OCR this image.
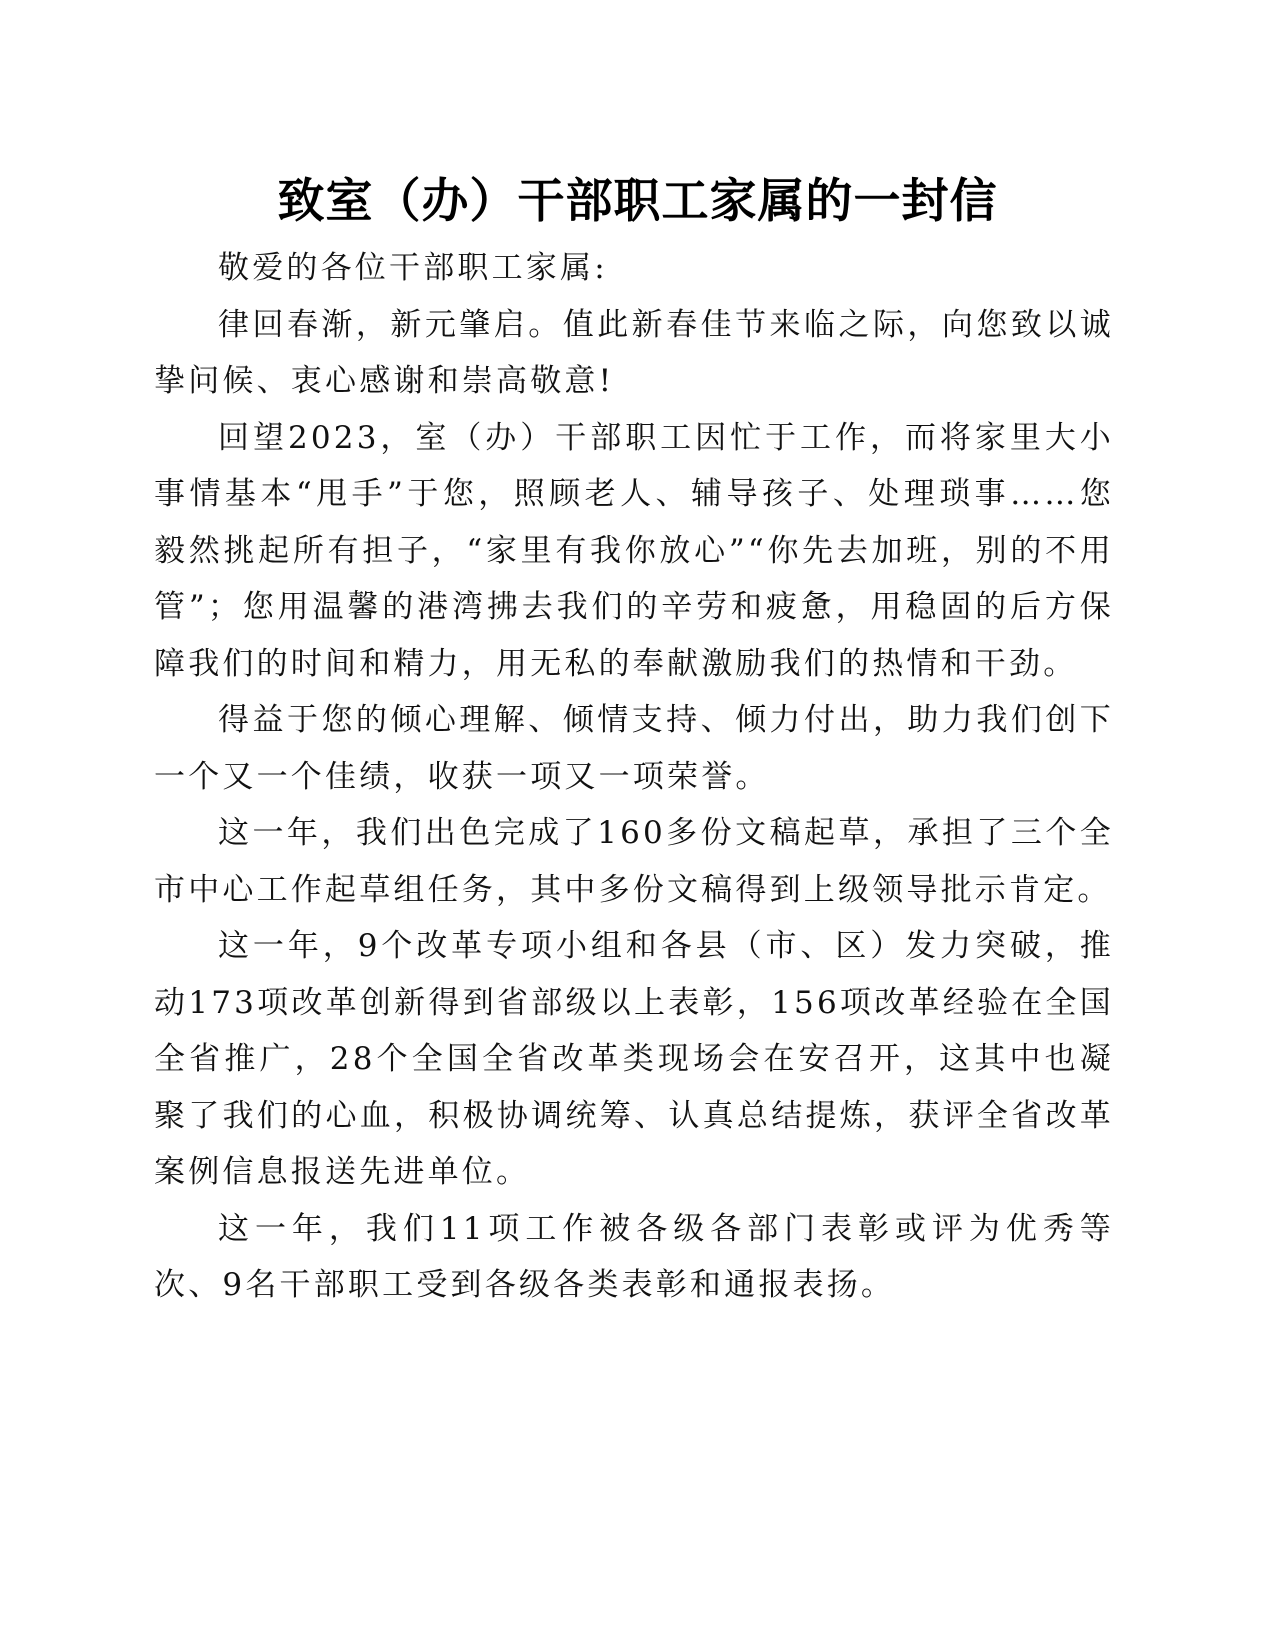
致室（办）干部职工家属的一封信

敬爱的各位干部职工家属:

律回春渐，新元肇启。值此新春佳节来临之际，向您致以诚挚问候、衷心感谢和崇高敬意!

回望2023，室（办）干部职工因忙于工作，而将家里大小事情基本“甩手”于您，照顾老人、辅导孩子、处理琐事……您毅然挑起所有担子，“家里有我你放心”“你先去加班，别的不用管”；您用温馨的港湾拂去我们的辛劳和疲惫，用稳固的后方保障我们的时间和精力，用无私的奉献激励我们的热情和干劲。

得益于您的倾心理解、倾情支持、倾力付出，助力我们创下一个又一个佳绩，收获一项又一项荣誉。

这一年，我们出色完成了160多份文稿起草，承担了三个全市中心工作起草组任务，其中多份文稿得到上级领导批示肯定。

这一年，9个改革专项小组和各县（市、区）发力突破，推动173项改革创新得到省部级以上表彰，156项改革经验在全国全省推广，28个全国全省改革类现场会在安召开，这其中也凝聚了我们的心血，积极协调统筹、认真总结提炼，获评全省改革案例信息报送先进单位。

这一年，我们11项工作被各级各部门表彰或评为优秀等次、9名干部职工受到各级各类表彰和通报表扬。
